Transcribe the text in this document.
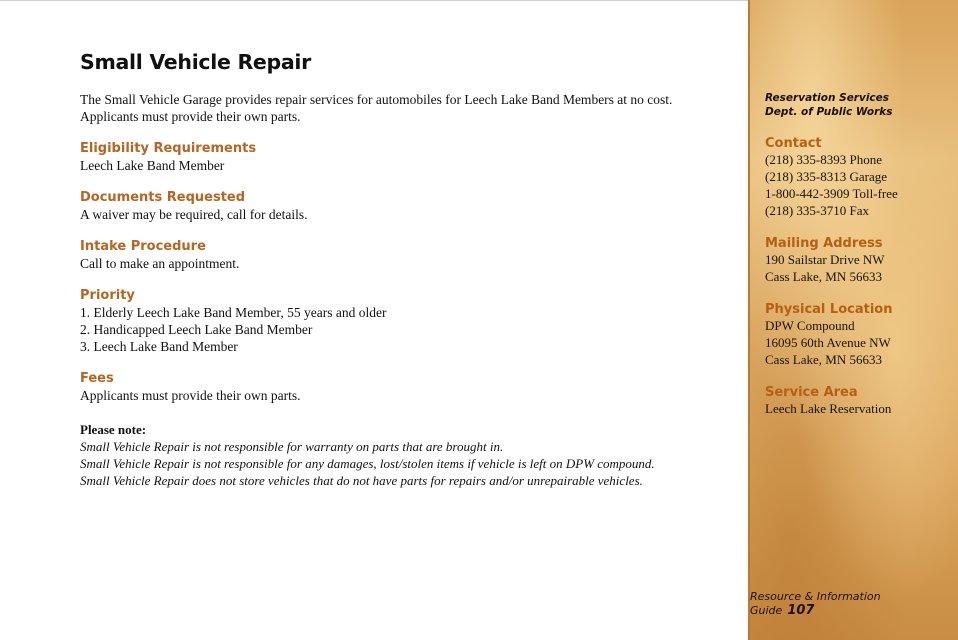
Small Vehicle Repair
The Small Vehicle Garage provides repair services for automobiles for Leech Lake Band Members at no cost.
Applicants must provide their own parts.
Eligibility Requirements
Leech Lake Band Member
Documents Requested
A waiver may be required, call for details.
Intake Procedure
Call to make an appointment.
Priority
1. Elderly Leech Lake Band Member, 55 years and older
2. Handicapped Leech Lake Band Member
3. Leech Lake Band Member
Fees
Applicants must provide their own parts.
Please note:
Small Vehicle Repair is not responsible for warranty on parts that are brought in.
Small Vehicle Repair is not responsible for any damages, lost/stolen items if vehicle is left on DPW compound.
Small Vehicle Repair does not store vehicles that do not have parts for repairs and/or unrepairable vehicles.
Reservation Services
Dept. of Public Works
Contact
(218) 335-8393 Phone
(218) 335-8313 Garage
1-800-442-3909 Toll-free
(218) 335-3710 Fax
Mailing Address
190 Sailstar Drive NW
Cass Lake, MN 56633
Physical Location
DPW Compound
16095 60th Avenue NW
Cass Lake, MN 56633
Service Area
Leech Lake Reservation
Resource & Information Guide 107
